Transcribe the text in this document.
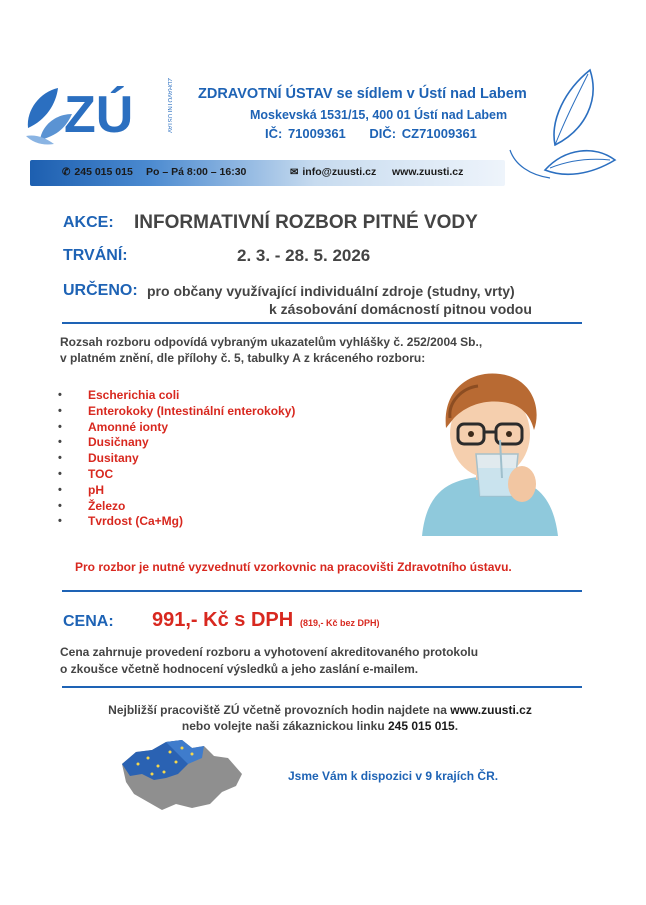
ZÚ	ZDRAVOTNÍ ÚSTAV ZDRAVOTNÍ ÚSTAV se sídlem v Ústí nad Labem
Moskevská 1531/15, 400 01 Ústí nad Labem
IČ: 71009361 DIČ: CZ71009361
✆ 245 015 015 Po – Pá 8:00 – 16:30	✉ info@zuusti.cz www.zuusti.cz
AKCE: INFORMATIVNÍ ROZBOR PITNÉ VODY
TRVÁNÍ:	2. 3. - 28. 5. 2026
URČENO: pro občany využívající individuální zdroje (studny, vrty)
k zásobování domácností pitnou vodou
Rozsah rozboru odpovídá vybraným ukazatelům vyhlášky č. 252/2004 Sb.,
v platném znění, dle přílohy č. 5, tabulky A z kráceného rozboru:
• Escherichia coli
• Enterokoky (Intestinální enterokoky)
• Amonné ionty
• Dusičnany
• Dusitany
• TOC
• pH
• Železo
• Tvrdost (Ca+Mg)
Pro rozbor je nutné vyzvednutí vzorkovnic na pracovišti Zdravotního ústavu.
CENA: 991,- Kč s DPH (819,- Kč bez DPH)
Cena zahrnuje provedení rozboru a vyhotovení akreditovaného protokolu
o zkoušce včetně hodnocení výsledků a jeho zaslání e-mailem.
Nejbližší pracoviště ZÚ včetně provozních hodin najdete na www.zuusti.cz
nebo volejte naši zákaznickou linku 245 015 015.
Jsme Vám k dispozici v 9 krajích ČR.
